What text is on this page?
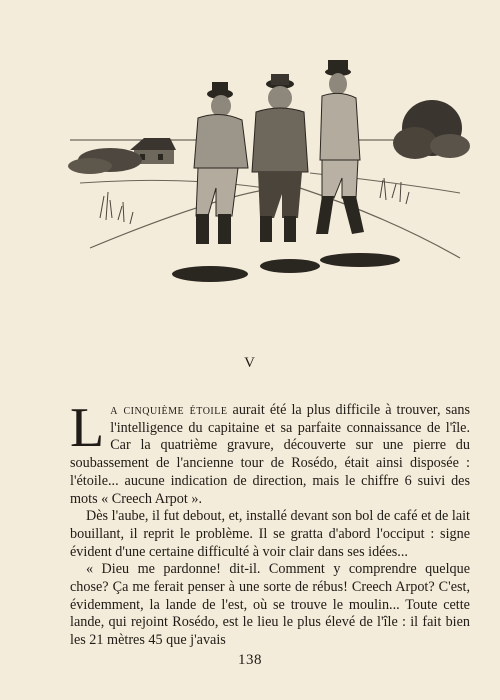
V

La cinquième étoile aurait été la plus difficile à trouver, sans l'intelligence du capitaine et sa parfaite connaissance de l'île. Car la quatrième gravure, découverte sur une pierre du soubassement de l'ancienne tour de Rosédo, était ainsi disposée : l'étoile... aucune indication de direction, mais le chiffre 6 suivi des mots « Creech Arpot ».

Dès l'aube, il fut debout, et, installé devant son bol de café et de lait bouillant, il reprit le problème. Il se gratta d'abord l'occiput : signe évident d'une certaine difficulté à voir clair dans ses idées...

« Dieu me pardonne! dit-il. Comment y comprendre quelque chose? Ça me ferait penser à une sorte de rébus! Creech Arpot? C'est, évidemment, la lande de l'est, où se trouve le moulin... Toute cette lande, qui rejoint Rosédo, est le lieu le plus élevé de l'île : il fait bien les 21 mètres 45 que j'avais

138
